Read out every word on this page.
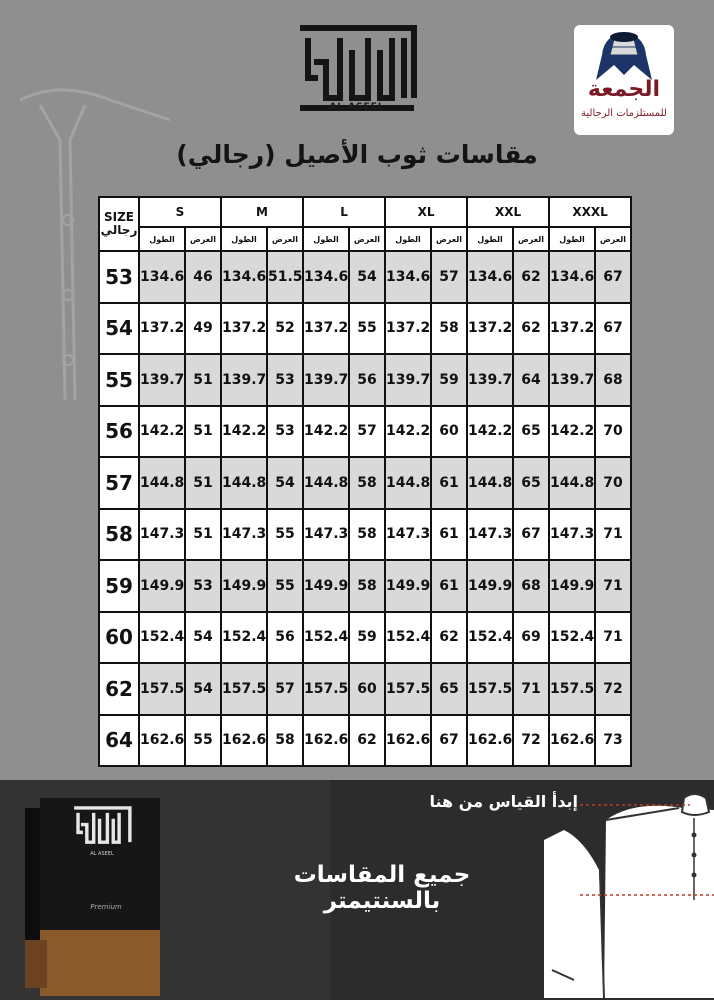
AL ASEEL
الجمعة
للمستلزمات الرجالية
مقاسات ثوب الأصيل (رجالي)
SIZE
رجالي	S		M		L		XL		XXL		XXXL	
	الطول	العرض	الطول	العرض	الطول	العرض	الطول	العرض	الطول	العرض	الطول	العرض
53	134.6	46	134.6	51.5	134.6	54	134.6	57	134.6	62	134.6	67
54	137.2	49	137.2	52	137.2	55	137.2	58	137.2	62	137.2	67
55	139.7	51	139.7	53	139.7	56	139.7	59	139.7	64	139.7	68
56	142.2	51	142.2	53	142.2	57	142.2	60	142.2	65	142.2	70
57	144.8	51	144.8	54	144.8	58	144.8	61	144.8	65	144.8	70
58	147.3	51	147.3	55	147.3	58	147.3	61	147.3	67	147.3	71
59	149.9	53	149.9	55	149.9	58	149.9	61	149.9	68	149.9	71
60	152.4	54	152.4	56	152.4	59	152.4	62	152.4	69	152.4	71
62	157.5	54	157.5	57	157.5	60	157.5	65	157.5	71	157.5	72
64	162.6	55	162.6	58	162.6	62	162.6	67	162.6	72	162.6	73
AL ASEEL
Premium
إبدأ القياس من هنا
جميع المقاسات بالسنتيمتر
